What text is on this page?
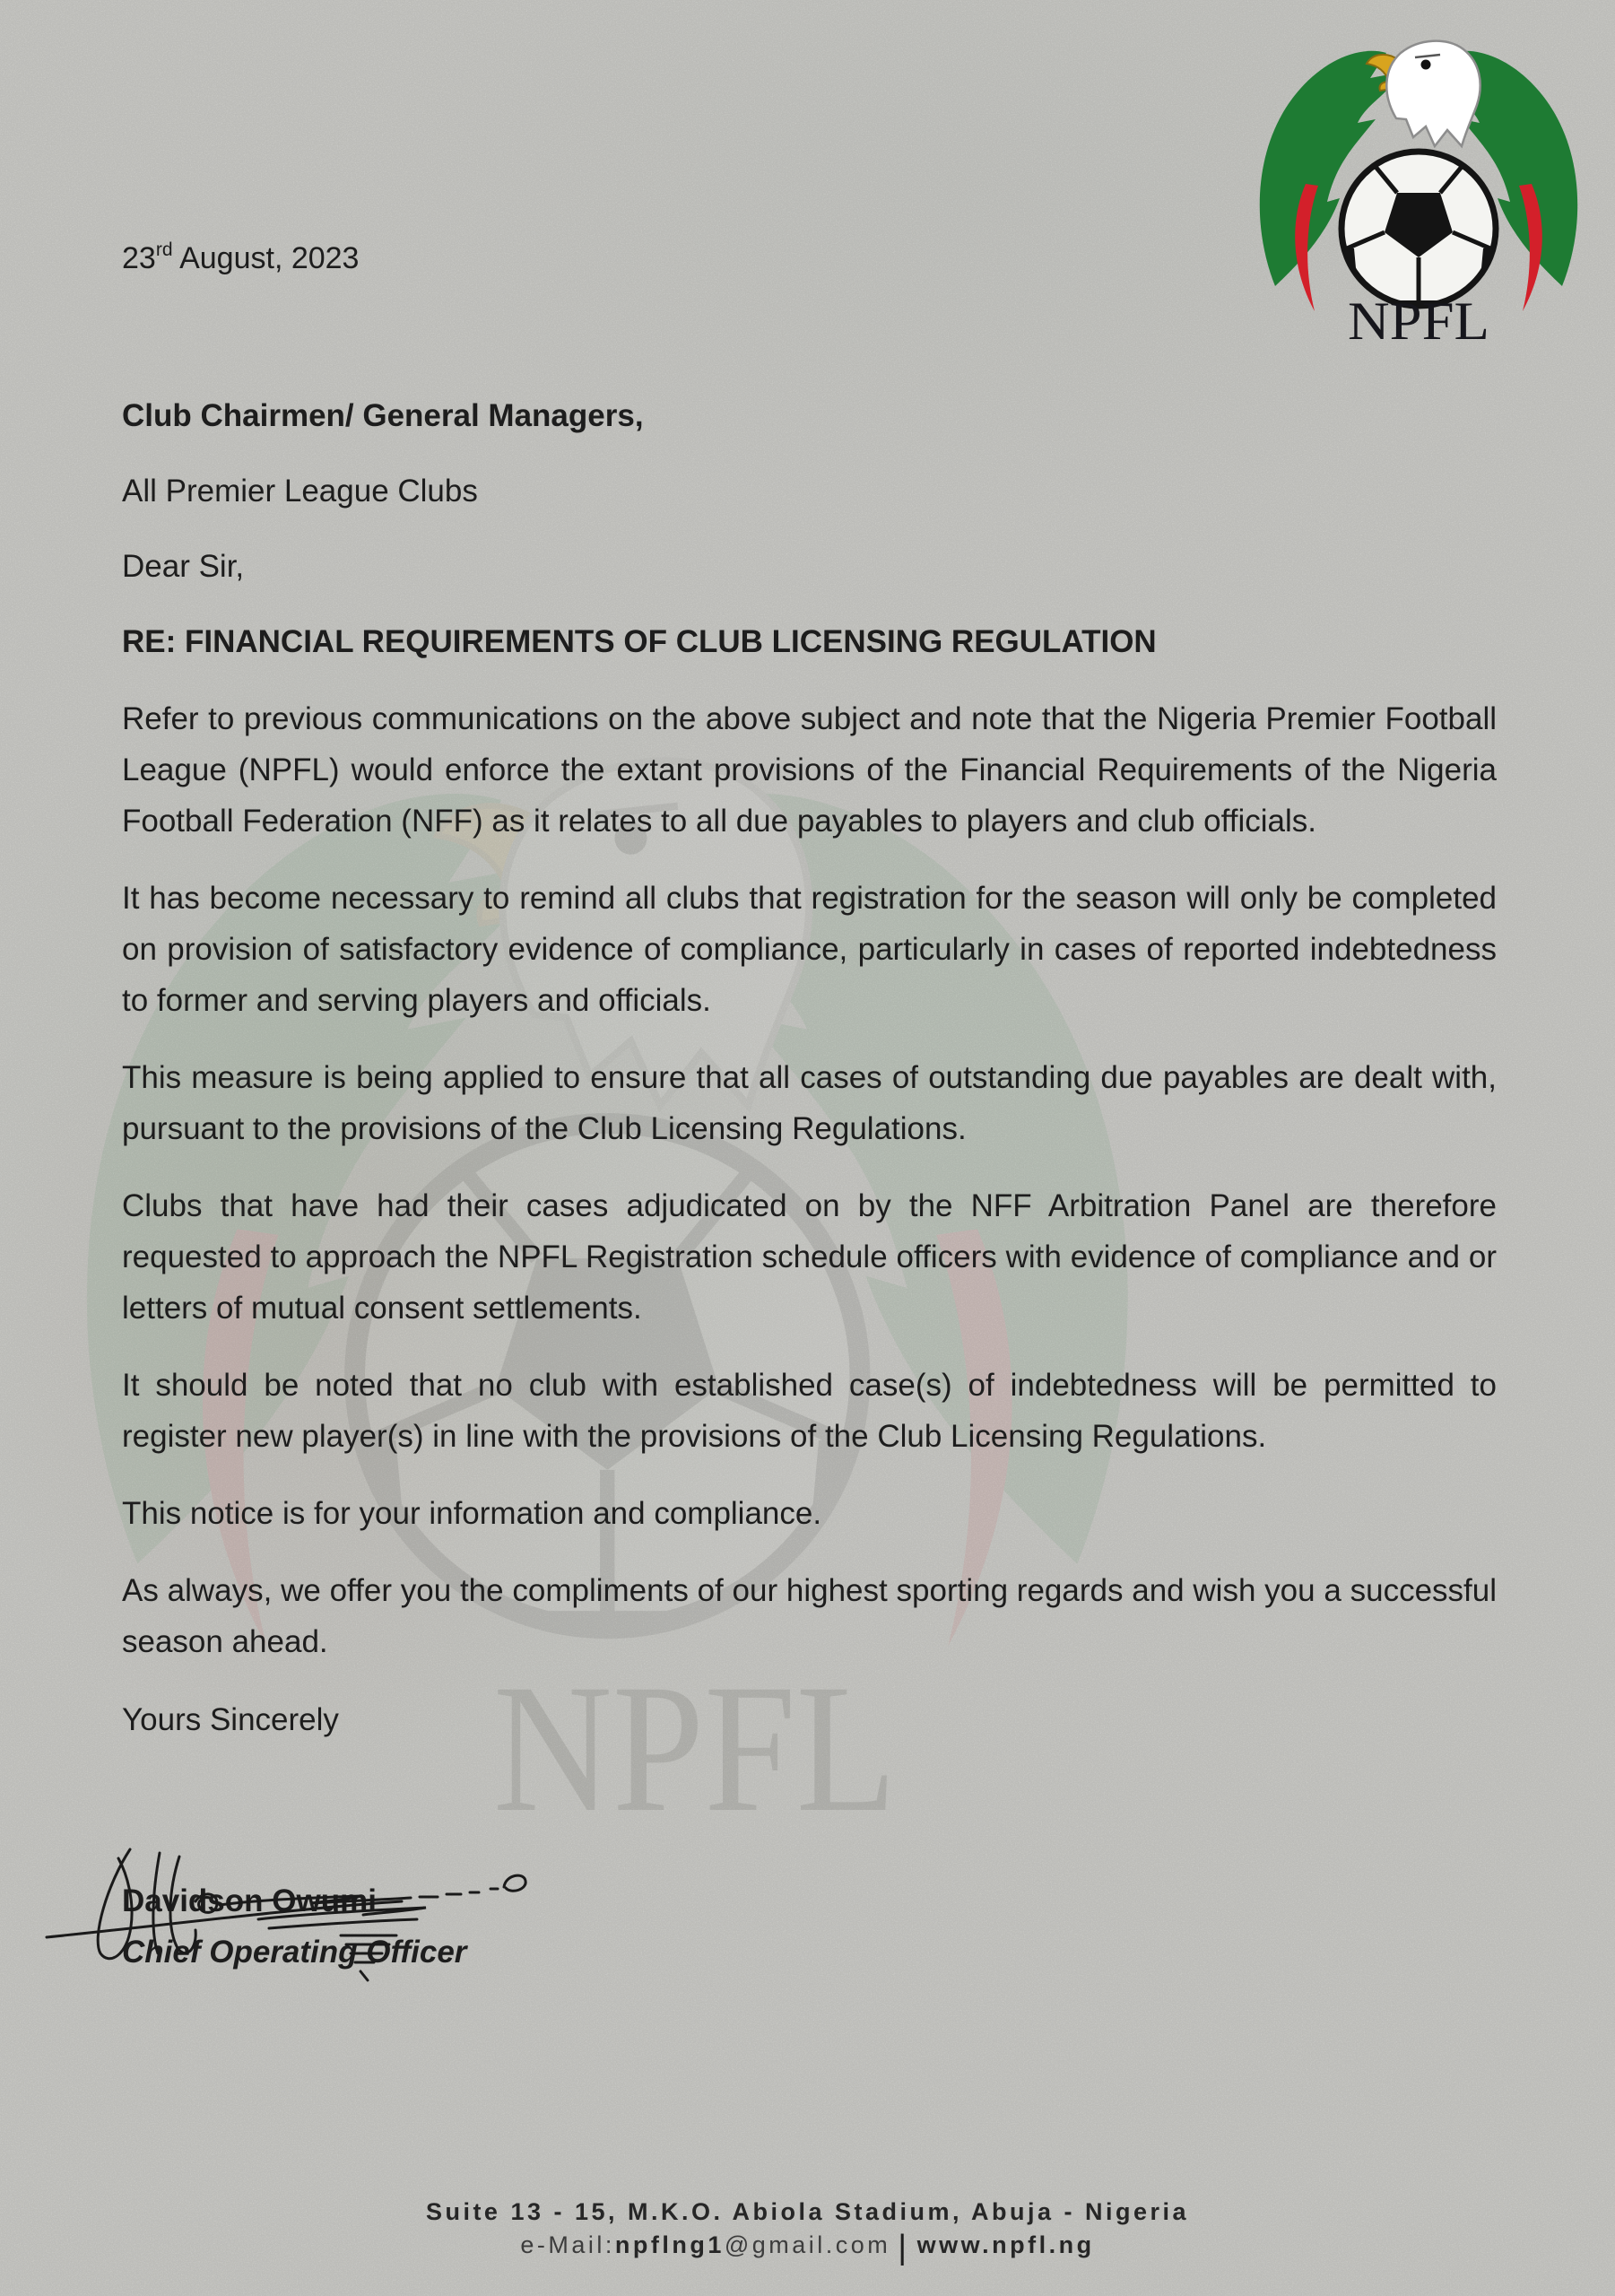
NPFL
NPFL
23rd August, 2023
Club Chairmen/ General Managers,
All Premier League Clubs
Dear Sir,
RE: FINANCIAL REQUIREMENTS OF CLUB LICENSING REGULATION

Refer to previous communications on the above subject and note that the Nigeria Premier Football League (NPFL) would enforce the extant provisions of the Financial Requirements of the Nigeria Football Federation (NFF) as it relates to all due payables to players and club officials.

It has become necessary to remind all clubs that registration for the season will only be completed on provision of satisfactory evidence of compliance, particularly in cases of reported indebtedness to former and serving players and officials.

This measure is being applied to ensure that all cases of outstanding due payables are dealt with, pursuant to the provisions of the Club Licensing Regulations.

Clubs that have had their cases adjudicated on by the NFF Arbitration Panel are therefore requested to approach the NPFL Registration schedule officers with evidence of compliance and or letters of mutual consent settlements.

It should be noted that no club with established case(s) of indebtedness will be permitted to register new player(s) in line with the provisions of the Club Licensing Regulations.

This notice is for your information and compliance.

As always, we offer you the compliments of our highest sporting regards and wish you a successful season ahead.

Yours Sincerely
Davidson Owumi
Chief Operating Officer
Suite 13 - 15, M.K.O. Abiola Stadium, Abuja - Nigeria
e-Mail:npflng1@gmail.com | www.npfl.ng
